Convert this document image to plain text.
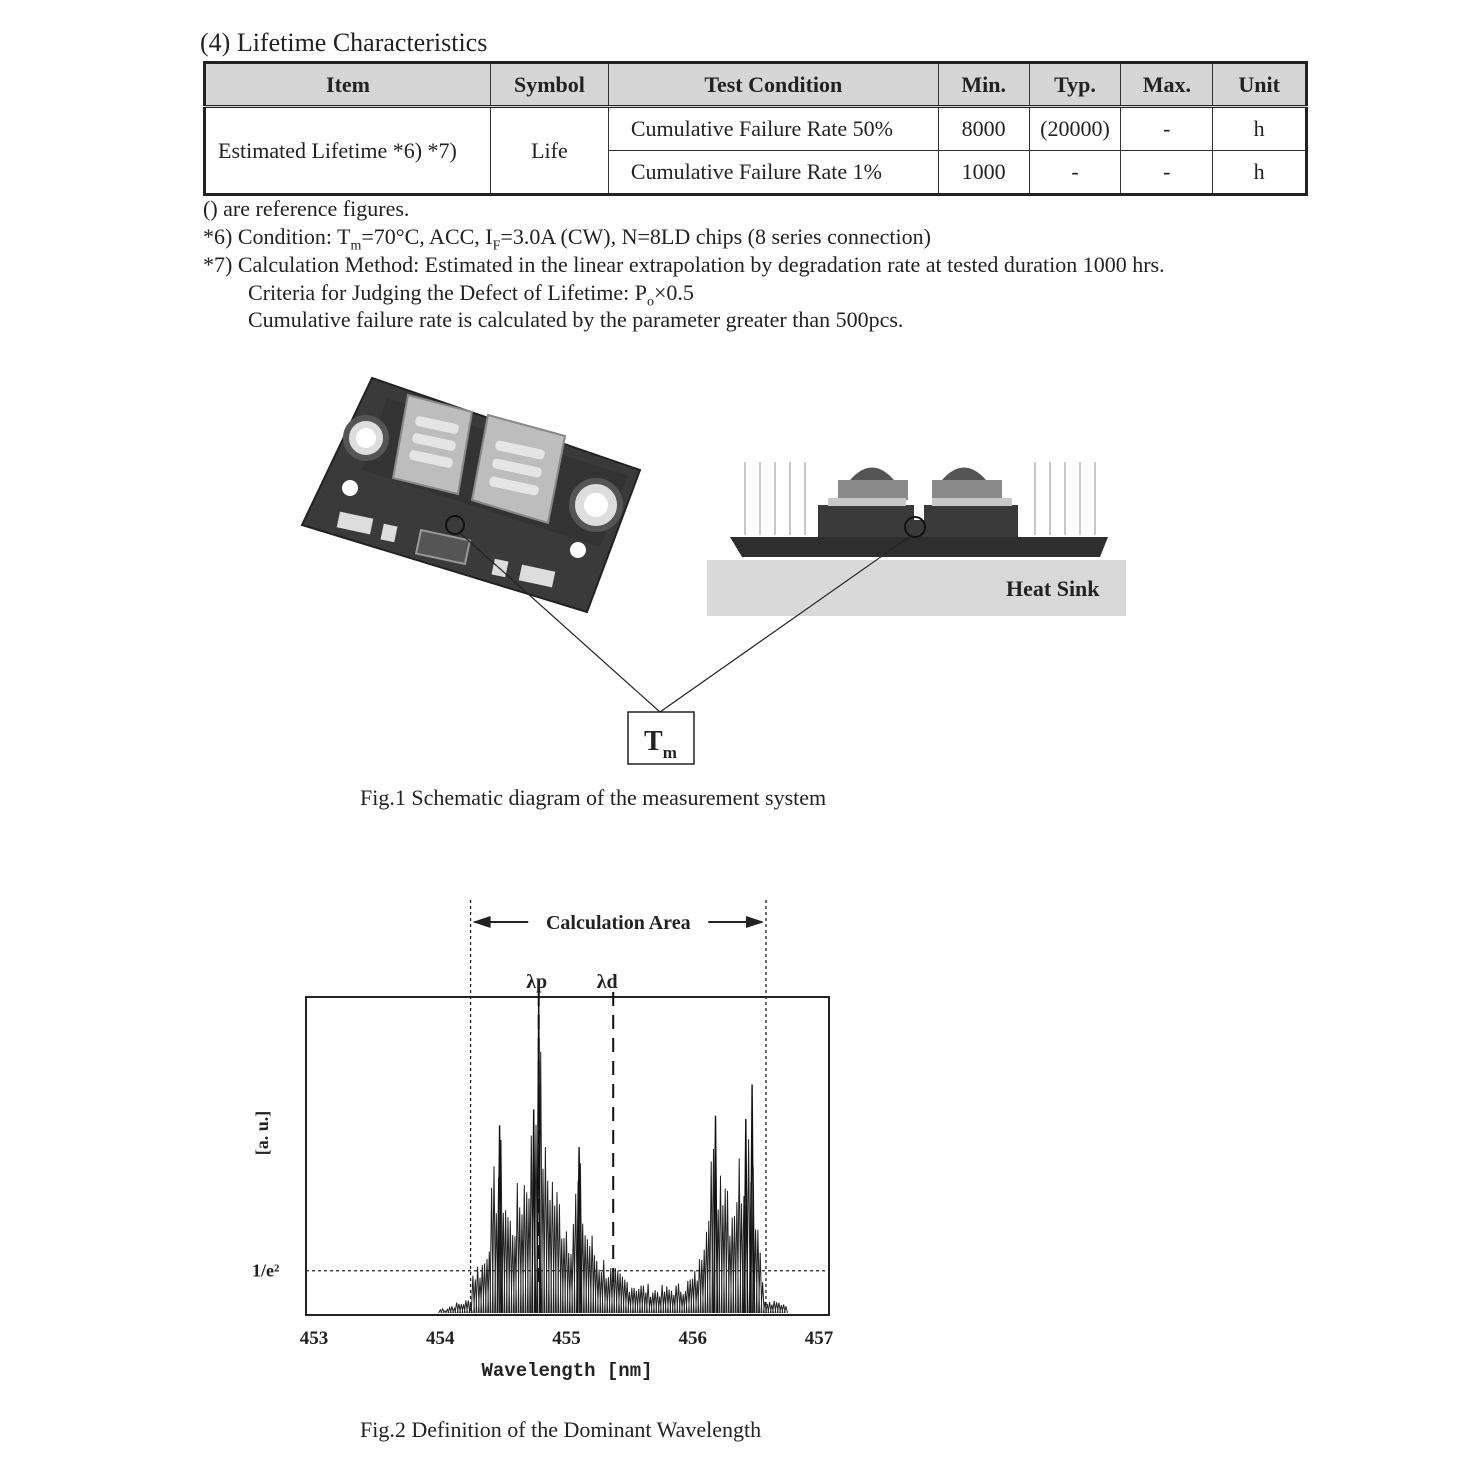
(4) Lifetime Characteristics
Item	Symbol	Test Condition	Min.	Typ.	Max.	Unit
Estimated Lifetime *6) *7)	Life	Cumulative Failure Rate 50%	8000	(20000)	-	h
		Cumulative Failure Rate 1%	1000	-	-	h
() are reference figures.
*6) Condition: $T_m=70^\circ C$, ACC, $I_F=3.0A$ (CW), N=8LD chips (8 series connection)
*7) Calculation Method: Estimated in the linear extrapolation by degradation rate at tested duration 1000 hrs.
Criteria for Judging the Defect of Lifetime: $P_o\times 0.5$
Cumulative failure rate is calculated by the parameter greater than 500pcs.
$T_m$
Heat Sink
Fig.1 Schematic diagram of the measurement system
λp λd
Calculation Area
[a. u.]
1/e²
453	454	455	456	457
Wavelength [nm]
Fig.2 Definition of the Dominant Wavelength
